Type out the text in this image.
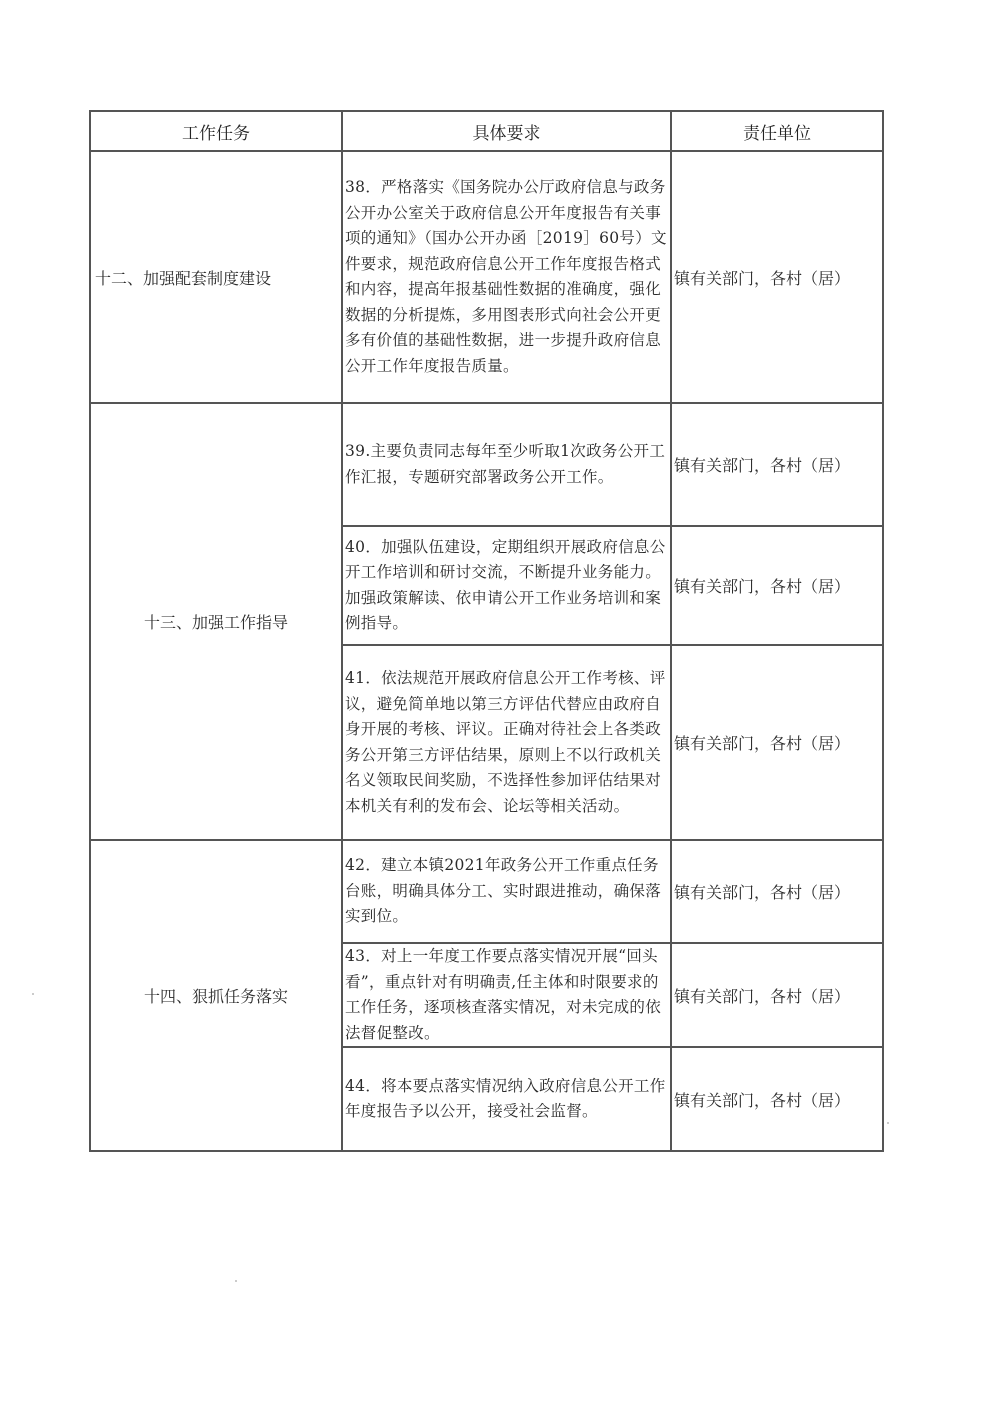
工作任务	具体要求	责任单位
十二、加强配套制度建设	38．严格落实《国务院办公厅政府信息与政务公开办公室关于政府信息公开年度报告有关事项的通知》（国办公开办函［2019］60号）文件要求，规范政府信息公开工作年度报告格式和内容，提高年报基础性数据的准确度，强化数据的分析提炼，多用图表形式向社会公开更多有价值的基础性数据，进一步提升政府信息公开工作年度报告质量。	镇有关部门，各村（居）
十三、加强工作指导	39.主要负责同志每年至少听取1次政务公开工作汇报，专题研究部署政务公开工作。	镇有关部门，各村（居）
	40．加强队伍建设，定期组织开展政府信息公开工作培训和研讨交流，不断提升业务能力。加强政策解读、依申请公开工作业务培训和案例指导。	镇有关部门，各村（居）
	41．依法规范开展政府信息公开工作考核、评议，避免简单地以第三方评估代替应由政府自身开展的考核、评议。正确对待社会上各类政务公开第三方评估结果，原则上不以行政机关名义领取民间奖励，不选择性参加评估结果对本机关有利的发布会、论坛等相关活动。	镇有关部门，各村（居）
十四、狠抓任务落实	42．建立本镇2021年政务公开工作重点任务台账，明确具体分工、实时跟进推动，确保落实到位。	镇有关部门，各村（居）
	43．对上一年度工作要点落实情况开展“回头看”，重点针对有明确责,任主体和时限要求的工作任务，逐项核查落实情况，对未完成的依法督促整改。	镇有关部门，各村（居）
	44．将本要点落实情况纳入政府信息公开工作年度报告予以公开，接受社会监督。	镇有关部门，各村（居）
